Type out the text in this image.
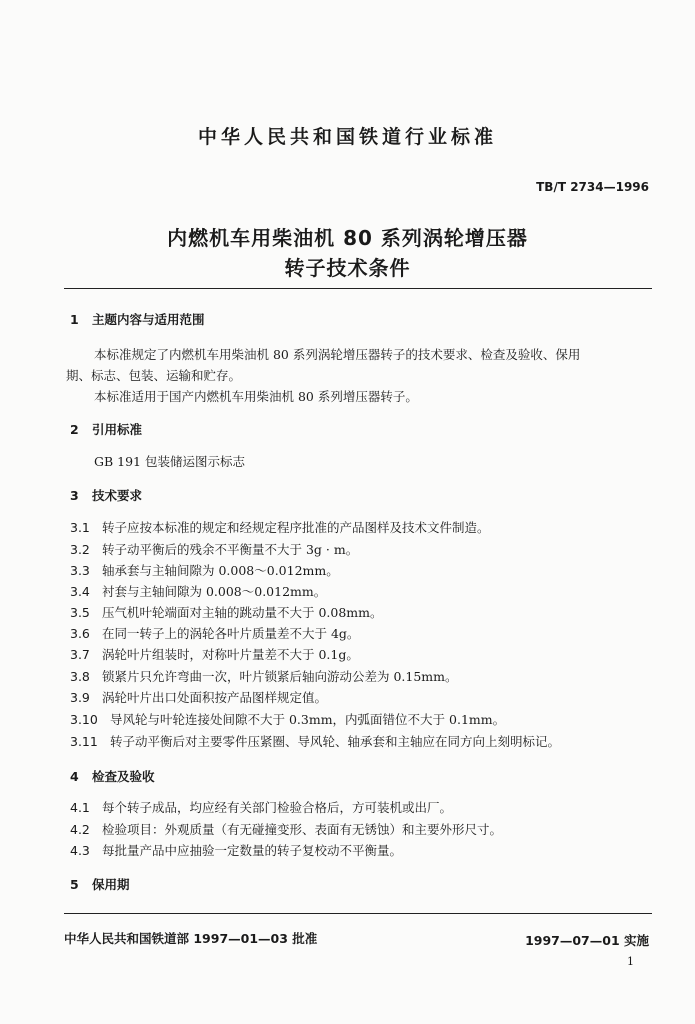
中华人民共和国铁道行业标准
TB/T 2734—1996
内燃机车用柴油机 80 系列涡轮增压器
转子技术条件
1 主题内容与适用范围
本标准规定了内燃机车用柴油机 80 系列涡轮增压器转子的技术要求、检查及验收、保用
期、标志、包装、运输和贮存。
本标准适用于国产内燃机车用柴油机 80 系列增压器转子。
2 引用标准
GB 191 包装储运图示标志
3 技术要求
3.1 转子应按本标准的规定和经规定程序批准的产品图样及技术文件制造。
3.2 转子动平衡后的残余不平衡量不大于 3g · m。
3.3 轴承套与主轴间隙为 0.008～0.012mm。
3.4 衬套与主轴间隙为 0.008～0.012mm。
3.5 压气机叶轮端面对主轴的跳动量不大于 0.08mm。
3.6 在同一转子上的涡轮各叶片质量差不大于 4g。
3.7 涡轮叶片组装时，对称叶片量差不大于 0.1g。
3.8 锁紧片只允许弯曲一次，叶片锁紧后轴向游动公差为 0.15mm。
3.9 涡轮叶片出口处面积按产品图样规定值。
3.10 导风轮与叶轮连接处间隙不大于 0.3mm，内弧面错位不大于 0.1mm。
3.11 转子动平衡后对主要零件压紧圈、导风轮、轴承套和主轴应在同方向上刻明标记。
4 检查及验收
4.1 每个转子成品，均应经有关部门检验合格后，方可装机或出厂。
4.2 检验项目：外观质量（有无碰撞变形、表面有无锈蚀）和主要外形尺寸。
4.3 每批量产品中应抽验一定数量的转子复校动不平衡量。
5 保用期
中华人民共和国铁道部 1997—01—03 批准	1997—07—01 实施
1
